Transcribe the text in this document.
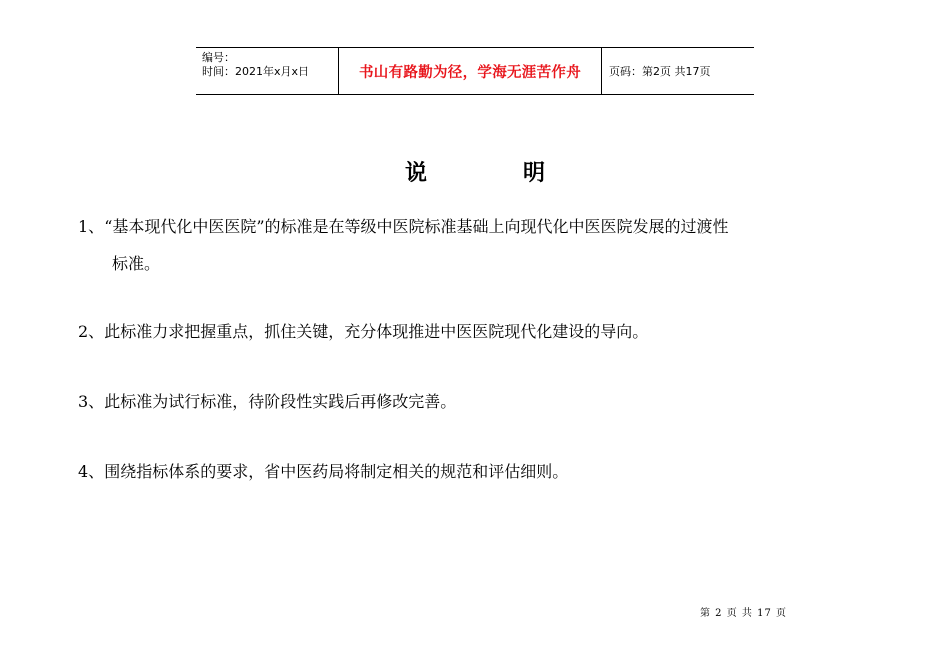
编号：
时间：2021年x月x日	书山有路勤为径，学海无涯苦作舟	页码：第2页 共17页
说明
1、“基本现代化中医医院”的标准是在等级中医院标准基础上向现代化中医医院发展的过渡性
标准。
2、此标准力求把握重点，抓住关键，充分体现推进中医医院现代化建设的导向。
3、此标准为试行标准，待阶段性实践后再修改完善。
4、围绕指标体系的要求，省中医药局将制定相关的规范和评估细则。
第 2 页 共 17 页
